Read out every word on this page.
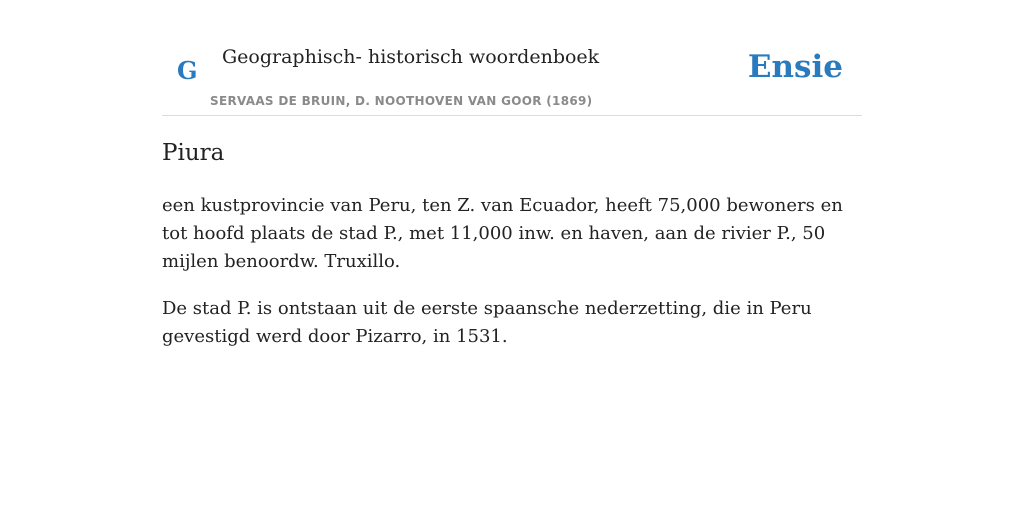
G Geographisch- historisch woordenboek
SERVAAS DE BRUIN, D. NOOTHOVEN VAN GOOR (1869)
Ensie
Piura

een kustprovincie van Peru, ten Z. van Ecuador, heeft 75,000 bewoners en tot hoofd plaats de stad P., met 11,000 inw. en haven, aan de rivier P., 50 mijlen benoordw. Truxillo.

De stad P. is ontstaan uit de eerste spaansche nederzetting, die in Peru gevestigd werd door Pizarro, in 1531.
